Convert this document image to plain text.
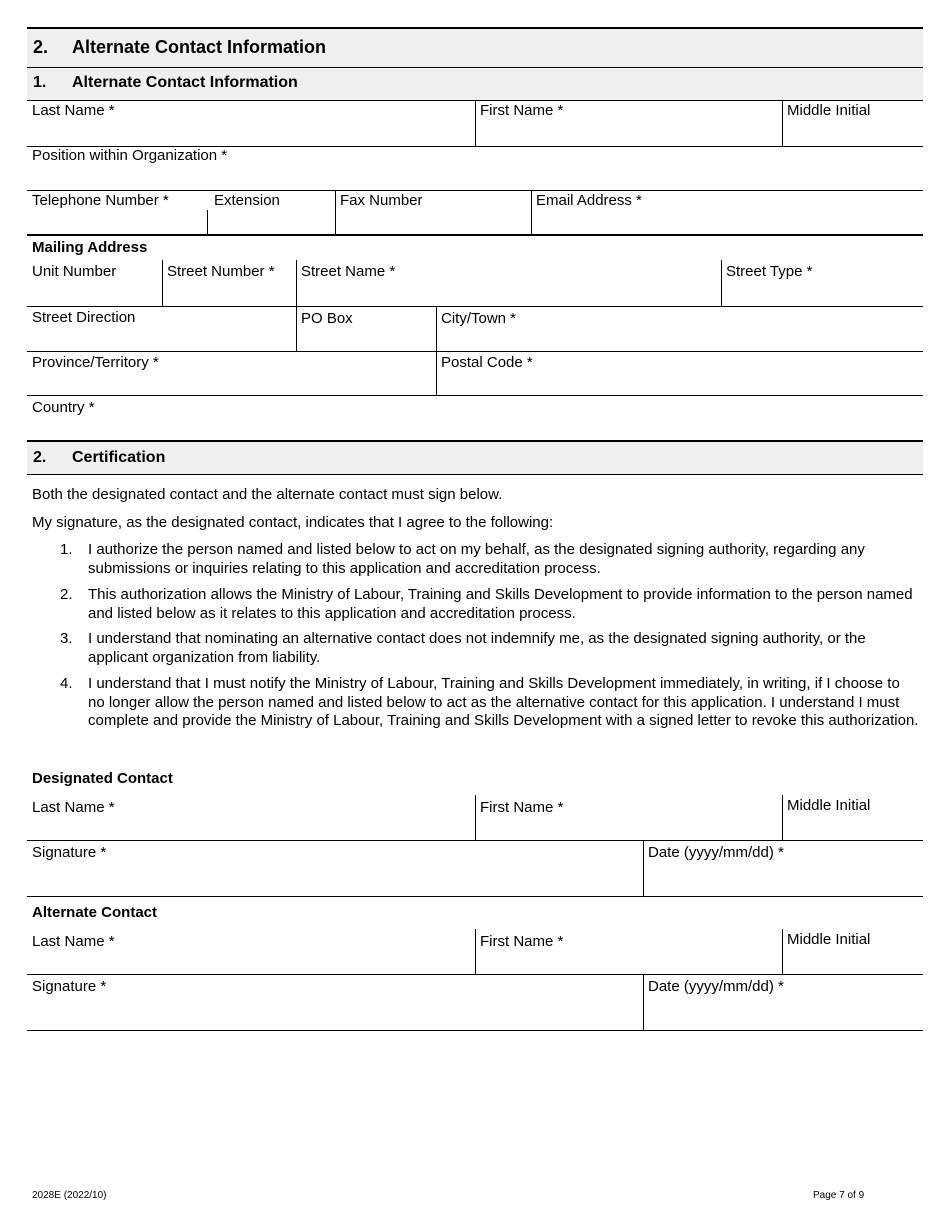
2. Alternate Contact Information
1. Alternate Contact Information
Last Name *	First Name *	Middle Initial
Position within Organization *
Telephone Number *	Extension	Fax Number	Email Address *
Mailing Address
Unit Number	Street Number * Street Name *	Street Type *
Street Direction	PO Box	City/Town *
Province/Territory *	Postal Code *
Country *
2. Certification

Both the designated contact and the alternate contact must sign below.

My signature, as the designated contact, indicates that I agree to the following:

1. I authorize the person named and listed below to act on my behalf, as the designated signing authority, regarding any submissions or inquiries relating to this application and accreditation process.
2. This authorization allows the Ministry of Labour, Training and Skills Development to provide information to the person named and listed below as it relates to this application and accreditation process.
3. I understand that nominating an alternative contact does not indemnify me, as the designated signing authority, or the applicant organization from liability.
4. I understand that I must notify the Ministry of Labour, Training and Skills Development immediately, in writing, if I choose to no longer allow the person named and listed below to act as the alternative contact for this application. I understand I must complete and provide the Ministry of Labour, Training and Skills Development with a signed letter to revoke this authorization.
Designated Contact
Last Name *	First Name *	Middle Initial
Signature *	Date (yyyy/mm/dd) *
Alternate Contact
Last Name *	First Name *	Middle Initial
Signature *	Date (yyyy/mm/dd) *
2028E (2022/10)	Page 7 of 9
